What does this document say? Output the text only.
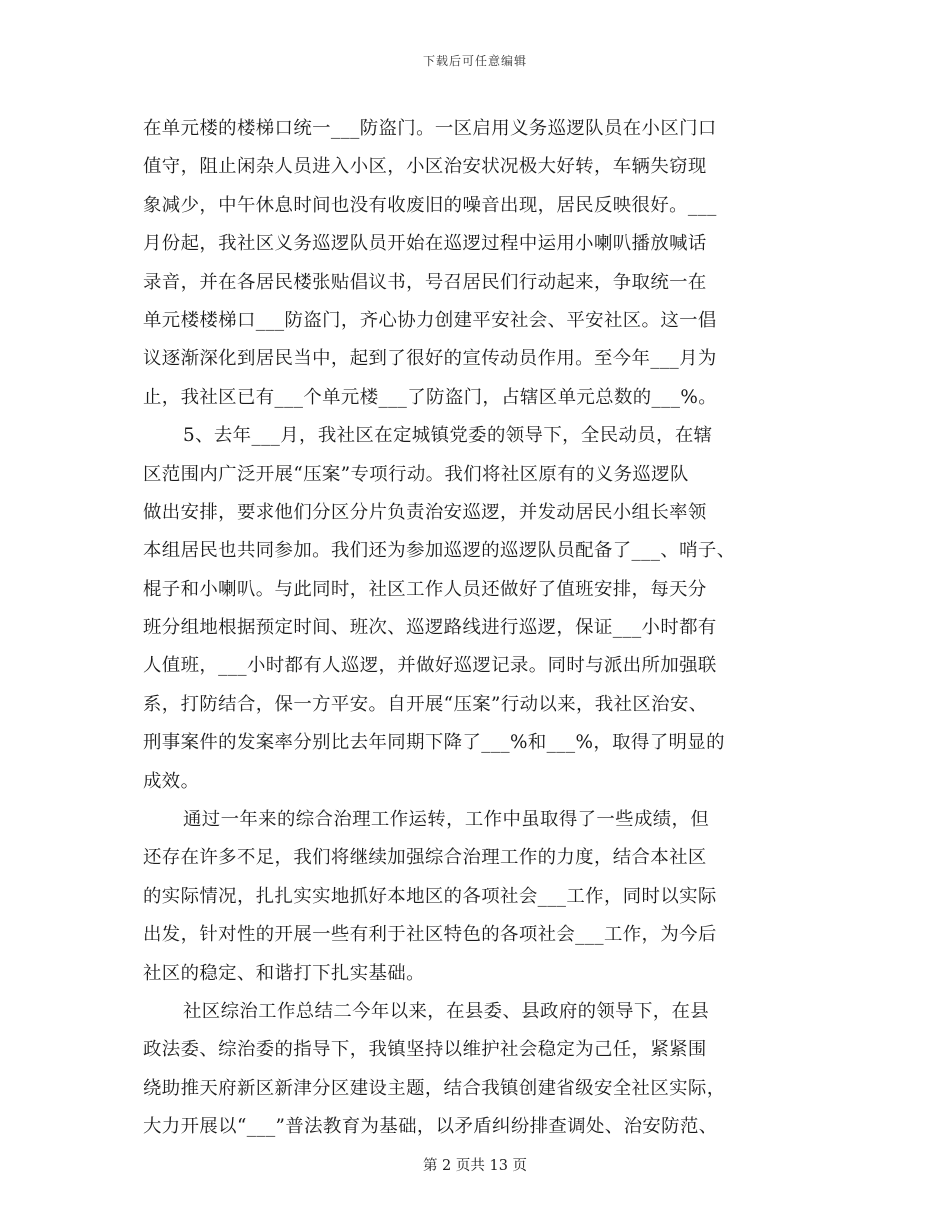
下载后可任意编辑
在单元楼的楼梯口统一___防盗门。一区启用义务巡逻队员在小区门口
值守，阻止闲杂人员进入小区，小区治安状况极大好转，车辆失窃现
象减少，中午休息时间也没有收废旧的噪音出现，居民反映很好。___
月份起，我社区义务巡逻队员开始在巡逻过程中运用小喇叭播放喊话
录音，并在各居民楼张贴倡议书，号召居民们行动起来，争取统一在
单元楼楼梯口___防盗门，齐心协力创建平安社会、平安社区。这一倡
议逐渐深化到居民当中，起到了很好的宣传动员作用。至今年___月为
止，我社区已有___个单元楼___了防盗门，占辖区单元总数的___%。
5、去年___月，我社区在定城镇党委的领导下，全民动员，在辖
区范围内广泛开展“压案”专项行动。我们将社区原有的义务巡逻队
做出安排，要求他们分区分片负责治安巡逻，并发动居民小组长率领
本组居民也共同参加。我们还为参加巡逻的巡逻队员配备了___、哨子、
棍子和小喇叭。与此同时，社区工作人员还做好了值班安排，每天分
班分组地根据预定时间、班次、巡逻路线进行巡逻，保证___小时都有
人值班，___小时都有人巡逻，并做好巡逻记录。同时与派出所加强联
系，打防结合，保一方平安。自开展“压案”行动以来，我社区治安、
刑事案件的发案率分别比去年同期下降了___%和___%，取得了明显的
成效。
通过一年来的综合治理工作运转，工作中虽取得了一些成绩，但
还存在许多不足，我们将继续加强综合治理工作的力度，结合本社区
的实际情况，扎扎实实地抓好本地区的各项社会___工作，同时以实际
出发，针对性的开展一些有利于社区特色的各项社会___工作，为今后
社区的稳定、和谐打下扎实基础。
社区综治工作总结二今年以来，在县委、县政府的领导下，在县
政法委、综治委的指导下，我镇坚持以维护社会稳定为己任，紧紧围
绕助推天府新区新津分区建设主题，结合我镇创建省级安全社区实际，
大力开展以“___”普法教育为基础，以矛盾纠纷排查调处、治安防范、
第 2 页共 13 页
